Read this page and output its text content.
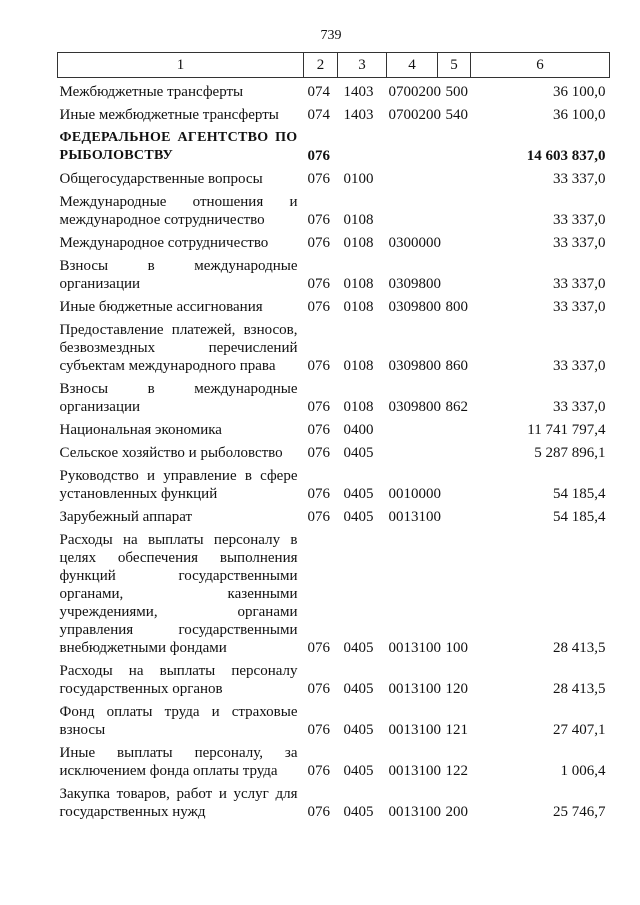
739
1	2	3	4	5	6
Межбюджетные трансферты	074	1403	0700200	500	36 100,0
Иные межбюджетные трансферты	074	1403	0700200	540	36 100,0
ФЕДЕРАЛЬНОЕ АГЕНТСТВО ПО РЫБОЛОВСТВУ	076				14 603 837,0
Общегосударственные вопросы	076	0100			33 337,0
Международные отношения и международное сотрудничество	076	0108			33 337,0
Международное сотрудничество	076	0108	0300000		33 337,0
Взносы в международные организации	076	0108	0309800		33 337,0
Иные бюджетные ассигнования	076	0108	0309800	800	33 337,0
Предоставление платежей, взносов, безвозмездных перечислений субъектам международного права	076	0108	0309800	860	33 337,0
Взносы в международные организации	076	0108	0309800	862	33 337,0
Национальная экономика	076	0400			11 741 797,4
Сельское хозяйство и рыболовство	076	0405			5 287 896,1
Руководство и управление в сфере установленных функций	076	0405	0010000		54 185,4
Зарубежный аппарат	076	0405	0013100		54 185,4
Расходы на выплаты персоналу в целях обеспечения выполнения функций государственными органами, казенными учреждениями, органами управления государственными внебюджетными фондами	076	0405	0013100	100	28 413,5
Расходы на выплаты персоналу государственных органов	076	0405	0013100	120	28 413,5
Фонд оплаты труда и страховые взносы	076	0405	0013100	121	27 407,1
Иные выплаты персоналу, за исключением фонда оплаты труда	076	0405	0013100	122	1 006,4
Закупка товаров, работ и услуг для государственных нужд	076	0405	0013100	200	25 746,7
